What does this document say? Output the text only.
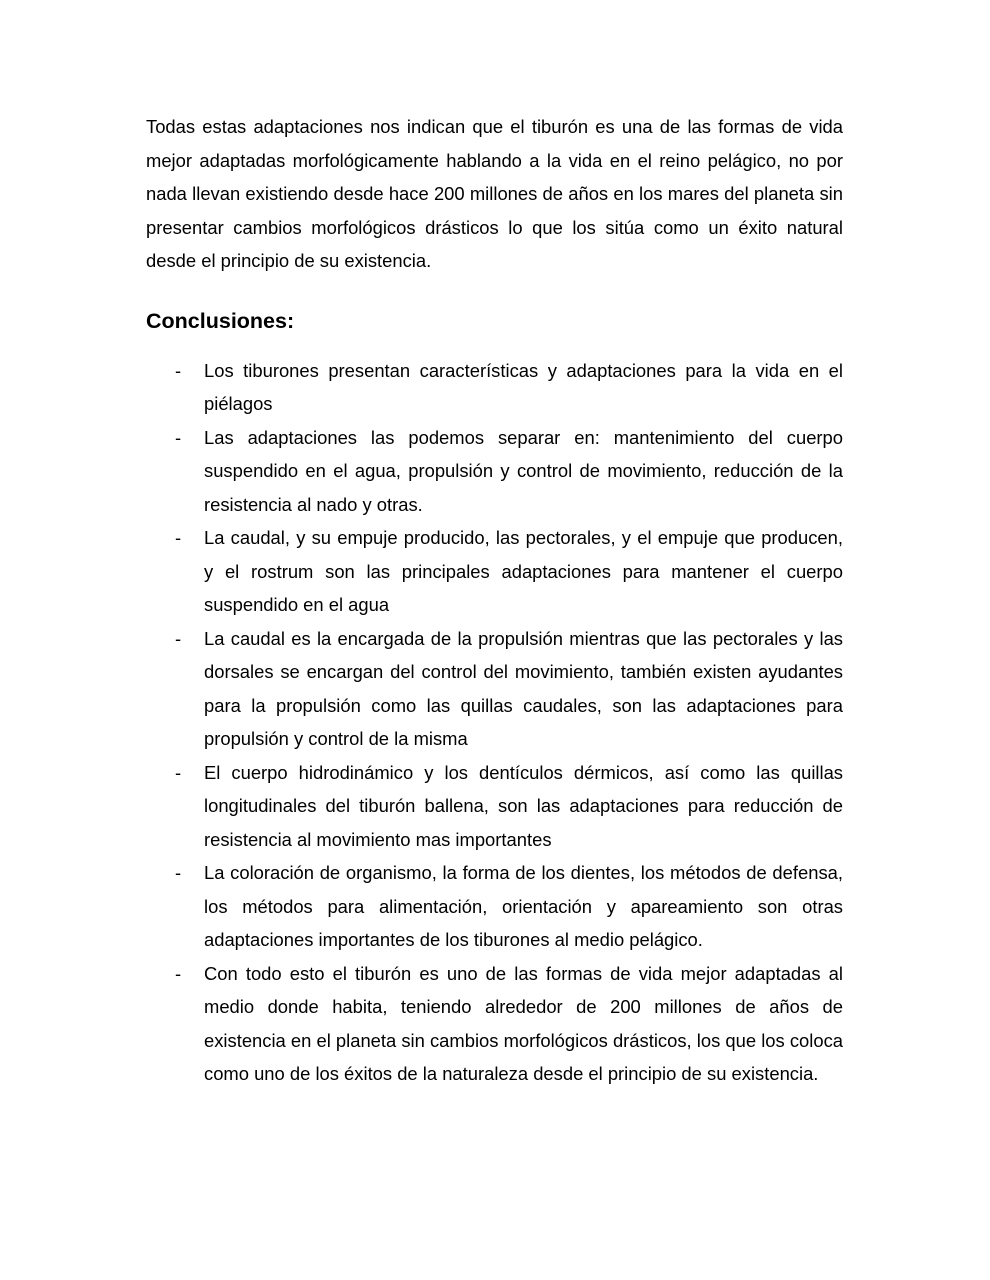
Todas estas adaptaciones nos indican que el tiburón es una de las formas de vida mejor adaptadas morfológicamente hablando a la vida en el reino pelágico, no por nada llevan existiendo desde hace 200 millones de años en los mares del planeta sin presentar cambios morfológicos drásticos lo que los sitúa como un éxito natural desde el principio de su existencia.

Conclusiones:
- Los tiburones presentan características y adaptaciones para la vida en el piélagos
- Las adaptaciones las podemos separar en: mantenimiento del cuerpo suspendido en el agua, propulsión y control de movimiento, reducción de la resistencia al nado y otras.
- La caudal, y su empuje producido, las pectorales, y el empuje que producen, y el rostrum son las principales adaptaciones para mantener el cuerpo suspendido en el agua
- La caudal es la encargada de la propulsión mientras que las pectorales y las dorsales se encargan del control del movimiento, también existen ayudantes para la propulsión como las quillas caudales, son las adaptaciones para propulsión y control de la misma
- El cuerpo hidrodinámico y los dentículos dérmicos, así como las quillas longitudinales del tiburón ballena, son las adaptaciones para reducción de resistencia al movimiento mas importantes
- La coloración de organismo, la forma de los dientes, los métodos de defensa, los métodos para alimentación, orientación y apareamiento son otras adaptaciones importantes de los tiburones al medio pelágico.
- Con todo esto el tiburón es uno de las formas de vida mejor adaptadas al medio donde habita, teniendo alrededor de 200 millones de años de existencia en el planeta sin cambios morfológicos drásticos, los que los coloca como uno de los éxitos de la naturaleza desde el principio de su existencia.
